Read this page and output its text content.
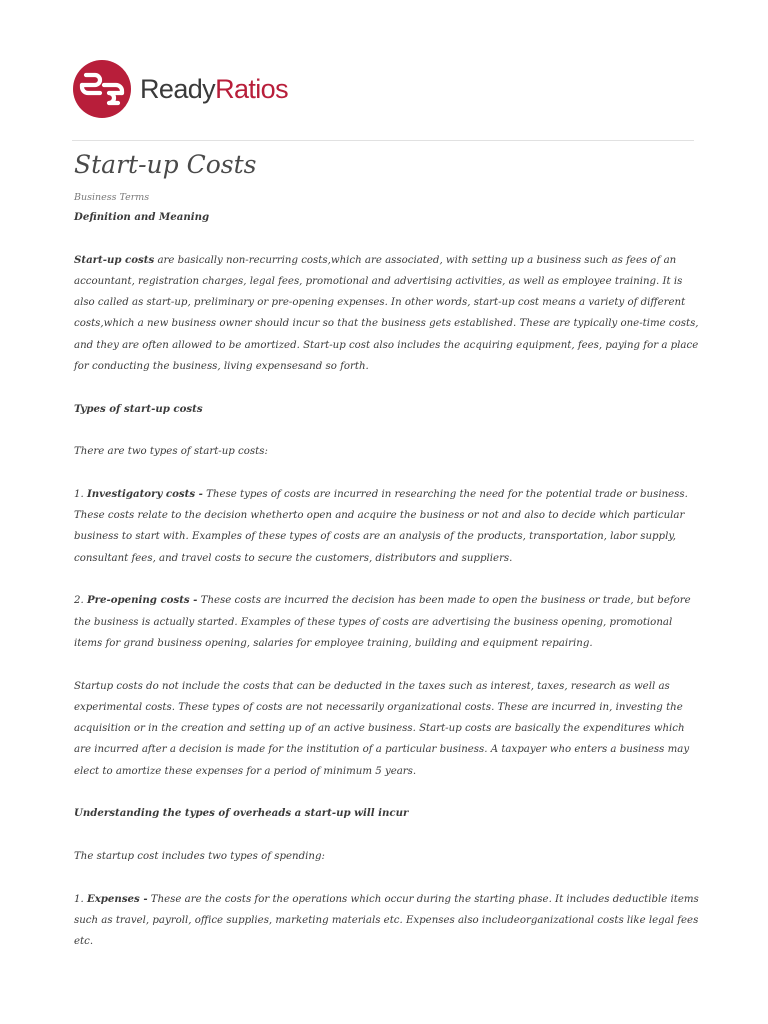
ReadyRatios
Start-up Costs
Business Terms

Definition and Meaning

Start-up costs are basically non-recurring costs,which are associated, with setting up a business such as fees of an accountant, registration charges, legal fees, promotional and advertising activities, as well as employee training. It is also called as start-up, preliminary or pre-opening expenses. In other words, start-up cost means a variety of different costs,which a new business owner should incur so that the business gets established. These are typically one-time costs, and they are often allowed to be amortized. Start-up cost also includes the acquiring equipment, fees, paying for a place for conducting the business, living expensesand so forth.

Types of start-up costs

There are two types of start-up costs:

1. Investigatory costs - These types of costs are incurred in researching the need for the potential trade or business. These costs relate to the decision whetherto open and acquire the business or not and also to decide which particular business to start with. Examples of these types of costs are an analysis of the products, transportation, labor supply, consultant fees, and travel costs to secure the customers, distributors and suppliers.

2. Pre-opening costs - These costs are incurred the decision has been made to open the business or trade, but before the business is actually started. Examples of these types of costs are advertising the business opening, promotional items for grand business opening, salaries for employee training, building and equipment repairing.

Startup costs do not include the costs that can be deducted in the taxes such as interest, taxes, research as well as experimental costs. These types of costs are not necessarily organizational costs. These are incurred in, investing the acquisition or in the creation and setting up of an active business. Start-up costs are basically the expenditures which are incurred after a decision is made for the institution of a particular business. A taxpayer who enters a business may elect to amortize these expenses for a period of minimum 5 years.

Understanding the types of overheads a start-up will incur

The startup cost includes two types of spending:

1. Expenses - These are the costs for the operations which occur during the starting phase. It includes deductible items such as travel, payroll, office supplies, marketing materials etc. Expenses also includeorganizational costs like legal fees etc.
